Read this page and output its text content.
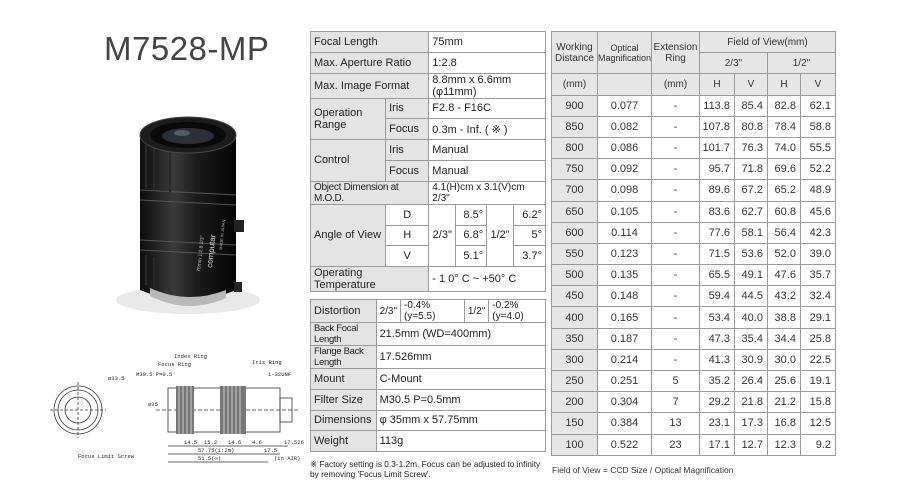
M7528-MP
computar
75mm 1:2.8 2/3"
MADE IN JAPAN
Index Ring
Focus Ring	Iris Ring
M30.5 P=0.5	1-32UNF
ø33.5
Focus Limit Screw
ø35
14.5 15.2 14.6 4.6	17.526
57.75(1:2m)
51.5(∞)
17.5
(in AIR)
Focal Length		75mm			
Max. Aperture Ratio		1:2.8			
Max. Image Format		8.8mm x 6.6mm (φ11mm)			
Operation Range	Iris	F2.8 - F16C			
	Focus	0.3m - Inf. ( ※ )			
Control	Iris	Manual			
	Focus	Manual			
Object Dimension at M.O.D.		4.1(H)cm x 3.1(V)cm 2/3"			
Angle of View	D	2/3"	8.5°	1/2"	6.2°
	H		6.8°		5°
	V		5.1°		3.7°
Operating Temperature		- 1 0° C ~ +50° C			
Distortion	2/3"	-0.4% (y=5.5)	1/2"	-0.2% (y=4.0)
Back Focal Length	21.5mm (WD=400mm)			
Flange Back Length	17.526mm			
Mount	C-Mount			
Filter Size	M30.5 P=0.5mm			
Dimensions	φ 35mm x 57.75mm			
Weight	113g			
※ Factory setting is 0.3-1.2m. Focus can be adjusted to infinity by removing 'Focus Limit Screw'.
Working Distance	Optical Magnification	Extension Ring	Field of View(mm)			
			2/3"		1/2"	
(mm)		(mm)	H	V	H	V
900	0.077	-	113.8	85.4	82.8	62.1
850	0.082	-	107.8	80.8	78.4	58.8
800	0.086	-	101.7	76.3	74.0	55.5
750	0.092	-	95.7	71.8	69.6	52.2
700	0.098	-	89.6	67.2	65.2	48.9
650	0.105	-	83.6	62.7	60.8	45.6
600	0.114	-	77.6	58.1	56.4	42.3
550	0.123	-	71.5	53.6	52.0	39.0
500	0.135	-	65.5	49.1	47.6	35.7
450	0.148	-	59.4	44.5	43.2	32.4
400	0.165	-	53.4	40.0	38.8	29.1
350	0.187	-	47.3	35.4	34.4	25.8
300	0.214	-	41.3	30.9	30.0	22.5
250	0.251	5	35.2	26.4	25.6	19.1
200	0.304	7	29.2	21.8	21.2	15.8
150	0.384	13	23.1	17.3	16.8	12.5
100	0.522	23	17.1	12.7	12.3	9.2
Field of View = CCD Size / Optical Magnification
